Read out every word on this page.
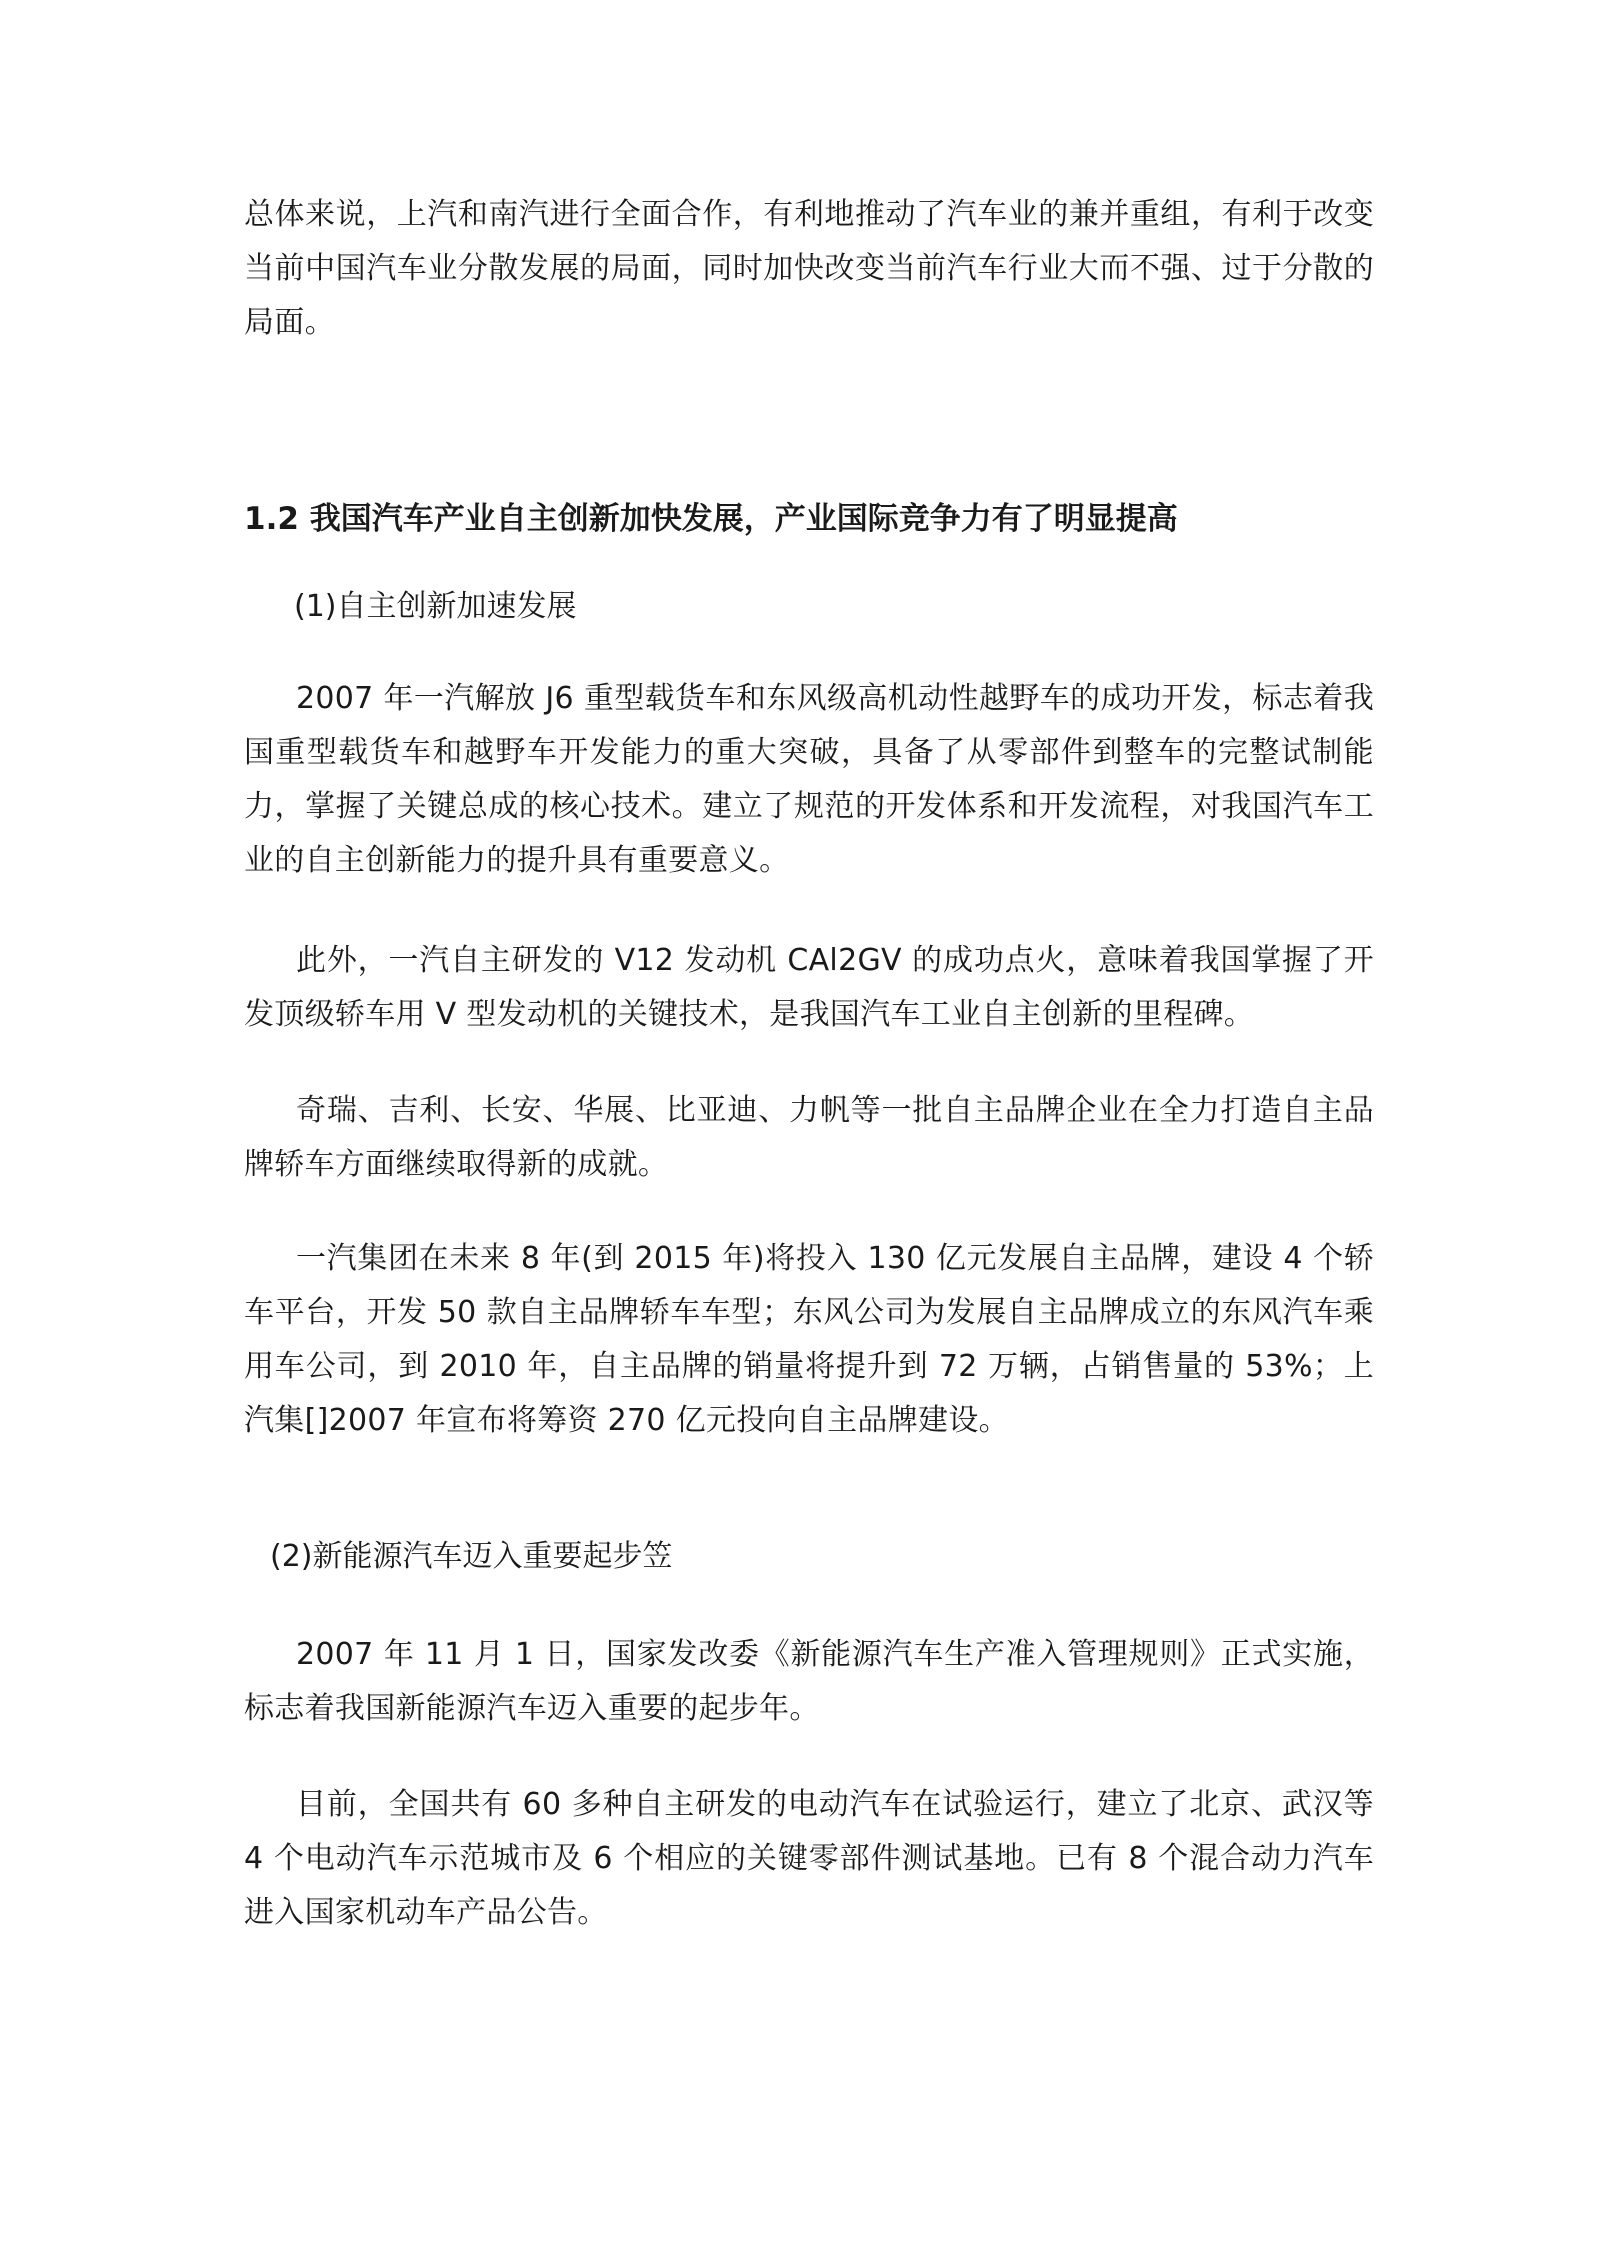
总体来说，上汽和南汽进行全面合作，有利地推动了汽车业的兼并重组，有利于改变当前中国汽车业分散发展的局面，同时加快改变当前汽车行业大而不强、过于分散的局面。

1.2 我国汽车产业自主创新加快发展，产业国际竞争力有了明显提高

(1)自主创新加速发展

2007 年一汽解放 J6 重型载货车和东风级高机动性越野车的成功开发，标志着我国重型载货车和越野车开发能力的重大突破，具备了从零部件到整车的完整试制能力，掌握了关键总成的核心技术。建立了规范的开发体系和开发流程，对我国汽车工业的自主创新能力的提升具有重要意义。

此外，一汽自主研发的 V12 发动机 CAl2GV 的成功点火，意味着我国掌握了开发顶级轿车用 V 型发动机的关键技术，是我国汽车工业自主创新的里程碑。

奇瑞、吉利、长安、华展、比亚迪、力帆等一批自主品牌企业在全力打造自主品牌轿车方面继续取得新的成就。

一汽集团在未来 8 年(到 2015 年)将投入 130 亿元发展自主品牌，建设 4 个轿车平台，开发 50 款自主品牌轿车车型；东风公司为发展自主品牌成立的东风汽车乘用车公司，到 2010 年，自主品牌的销量将提升到 72 万辆，占销售量的 53%；上汽集[]2007 年宣布将筹资 270 亿元投向自主品牌建设。

(2)新能源汽车迈入重要起步笠

2007 年 11 月 1 日，国家发改委《新能源汽车生产准入管理规则》正式实施，标志着我国新能源汽车迈入重要的起步年。

目前，全国共有 60 多种自主研发的电动汽车在试验运行，建立了北京、武汉等 4 个电动汽车示范城市及 6 个相应的关键零部件测试基地。已有 8 个混合动力汽车进入国家机动车产品公告。
